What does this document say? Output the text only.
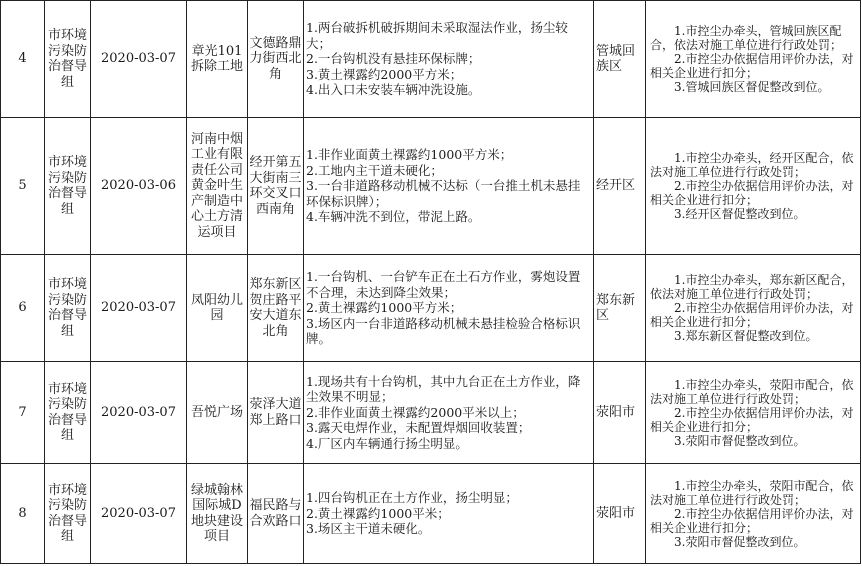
4	市环境污染防治督导组	2020-03-07	章光101拆除工地	文德路鼎力街西北角	1.两台破拆机破拆期间未采取湿法作业，扬尘较大；
2.一台钩机没有悬挂环保标牌；
3.黄土裸露约2000平方米；
4.出入口未安装车辆冲洗设施。	管城回族区	1.市控尘办牵头，管城回族区配合，依法对施工单位进行行政处罚；
2.市控尘办依据信用评价办法，对相关企业进行扣分；
3.管城回族区督促整改到位。

5	市环境污染防治督导组	2020-03-06	河南中烟工业有限责任公司黄金叶生产制造中心土方清运项目	经开第五大街南三环交叉口西南角	1.非作业面黄土裸露约1000平方米；
2.工地内主干道未硬化；
3.一台非道路移动机械不达标（一台推土机未悬挂环保标识牌）；
4.车辆冲洗不到位，带泥上路。	经开区	1.市控尘办牵头，经开区配合，依法对施工单位进行行政处罚；
2.市控尘办依据信用评价办法，对相关企业进行扣分；
3.经开区督促整改到位。

6	市环境污染防治督导组	2020-03-07	凤阳幼儿园	郑东新区贺庄路平安大道东北角	1.一台钩机、一台铲车正在土石方作业，雾炮设置不合理，未达到降尘效果；
2.黄土裸露约1000平方米；
3.场区内一台非道路移动机械未悬挂检验合格标识牌。	郑东新区	1.市控尘办牵头，郑东新区配合，依法对施工单位进行行政处罚；
2.市控尘办依据信用评价办法，对相关企业进行扣分；
3.郑东新区督促整改到位。

7	市环境污染防治督导组	2020-03-07	吾悦广场	荥泽大道郑上路口	1.现场共有十台钩机，其中九台正在土方作业，降尘效果不明显；
2.非作业面黄土裸露约2000平米以上；
3.露天电焊作业，未配置焊烟回收装置；
4.厂区内车辆通行扬尘明显。	荥阳市	1.市控尘办牵头，荥阳市配合，依法对施工单位进行行政处罚；
2.市控尘办依据信用评价办法，对相关企业进行扣分；
3.荥阳市督促整改到位。

8	市环境污染防治督导组	2020-03-07	绿城翰林国际城D地块建设项目	福民路与合欢路口	1.四台钩机正在土方作业，扬尘明显；
2.黄土裸露约1000平米；
3.场区主干道未硬化。	荥阳市	1.市控尘办牵头，荥阳市配合，依法对施工单位进行行政处罚；
2.市控尘办依据信用评价办法，对相关企业进行扣分；
3.荥阳市督促整改到位。
